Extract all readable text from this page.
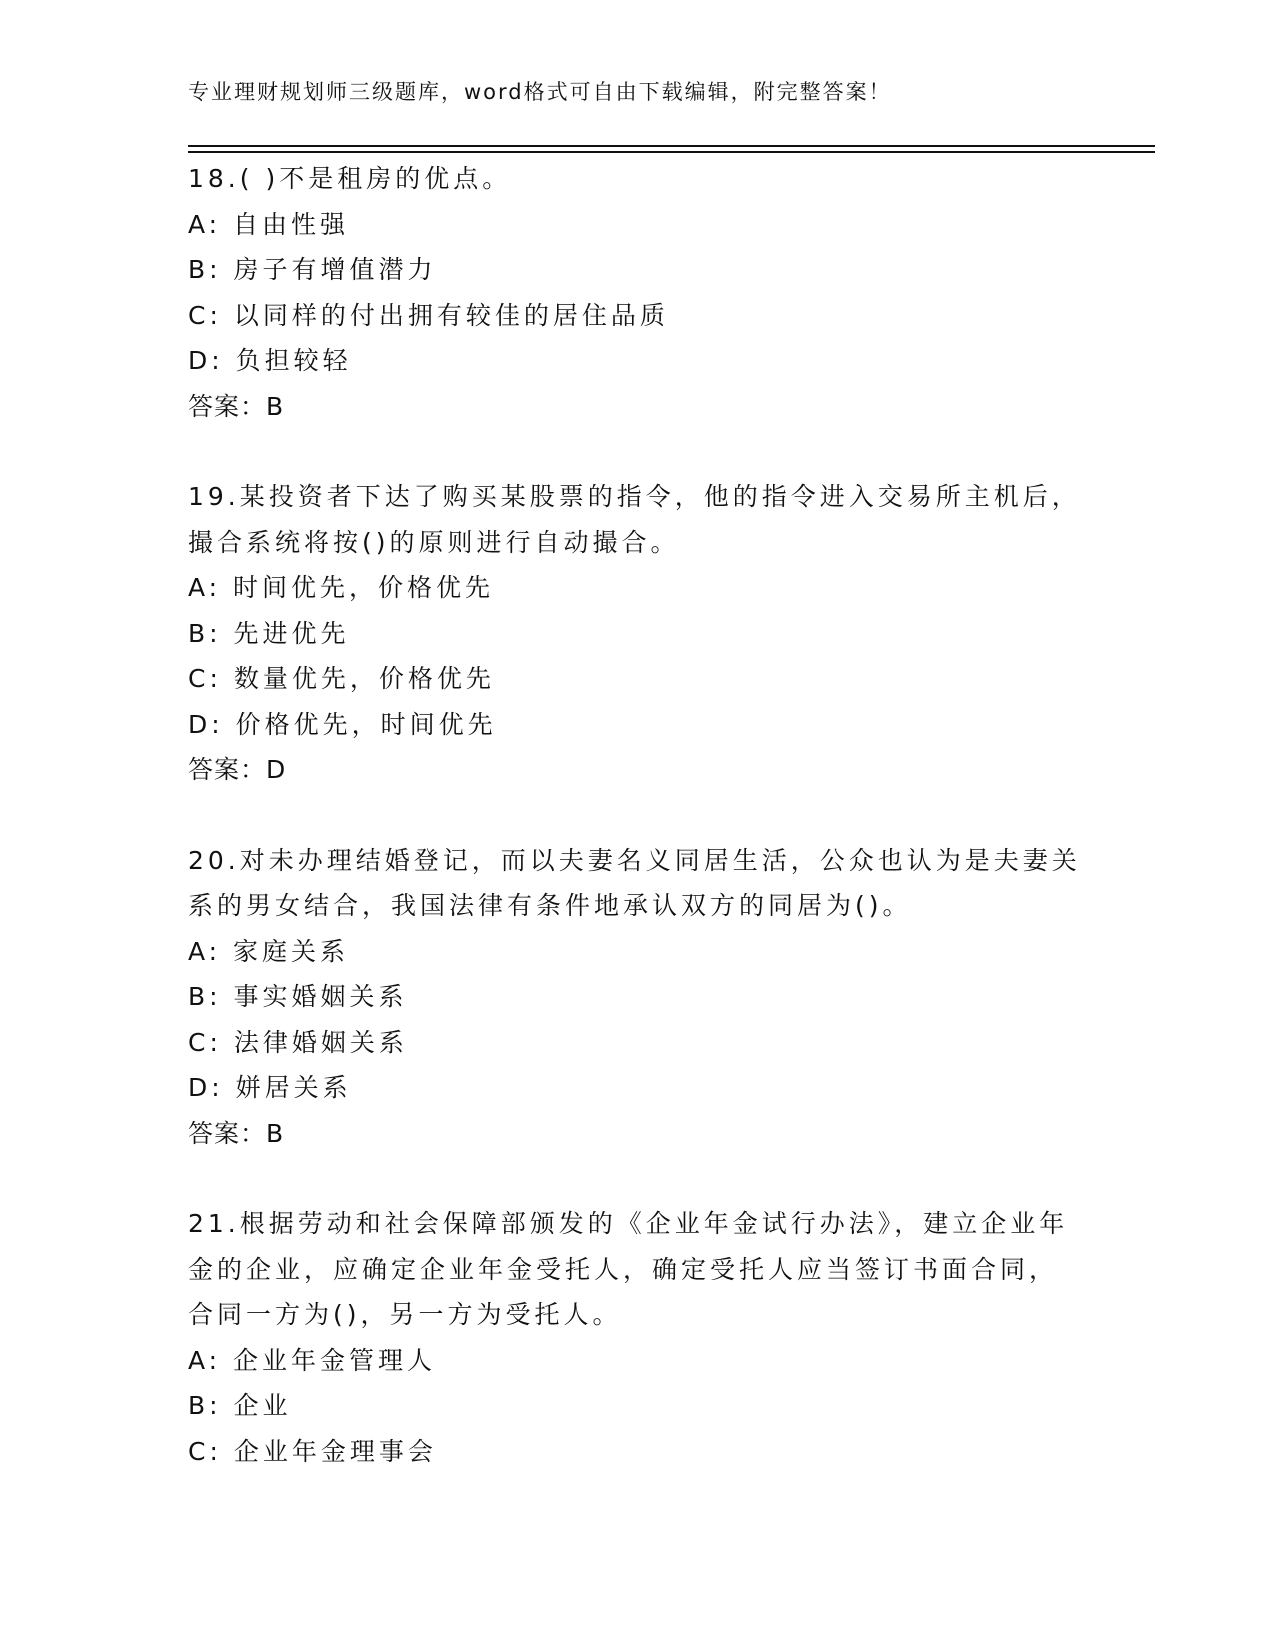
专业理财规划师三级题库，word格式可自由下载编辑，附完整答案！
18.( )不是租房的优点。
A: 自由性强
B: 房子有增值潜力
C: 以同样的付出拥有较佳的居住品质
D: 负担较轻
答案：B
19.某投资者下达了购买某股票的指令，他的指令进入交易所主机后，
撮合系统将按()的原则进行自动撮合。
A: 时间优先，价格优先
B: 先进优先
C: 数量优先，价格优先
D: 价格优先，时间优先
答案：D
20.对未办理结婚登记，而以夫妻名义同居生活，公众也认为是夫妻关
系的男女结合，我国法律有条件地承认双方的同居为()。
A: 家庭关系
B: 事实婚姻关系
C: 法律婚姻关系
D: 姘居关系
答案：B
21.根据劳动和社会保障部颁发的《企业年金试行办法》，建立企业年
金的企业，应确定企业年金受托人，确定受托人应当签订书面合同，
合同一方为()，另一方为受托人。
A: 企业年金管理人
B: 企业
C: 企业年金理事会
